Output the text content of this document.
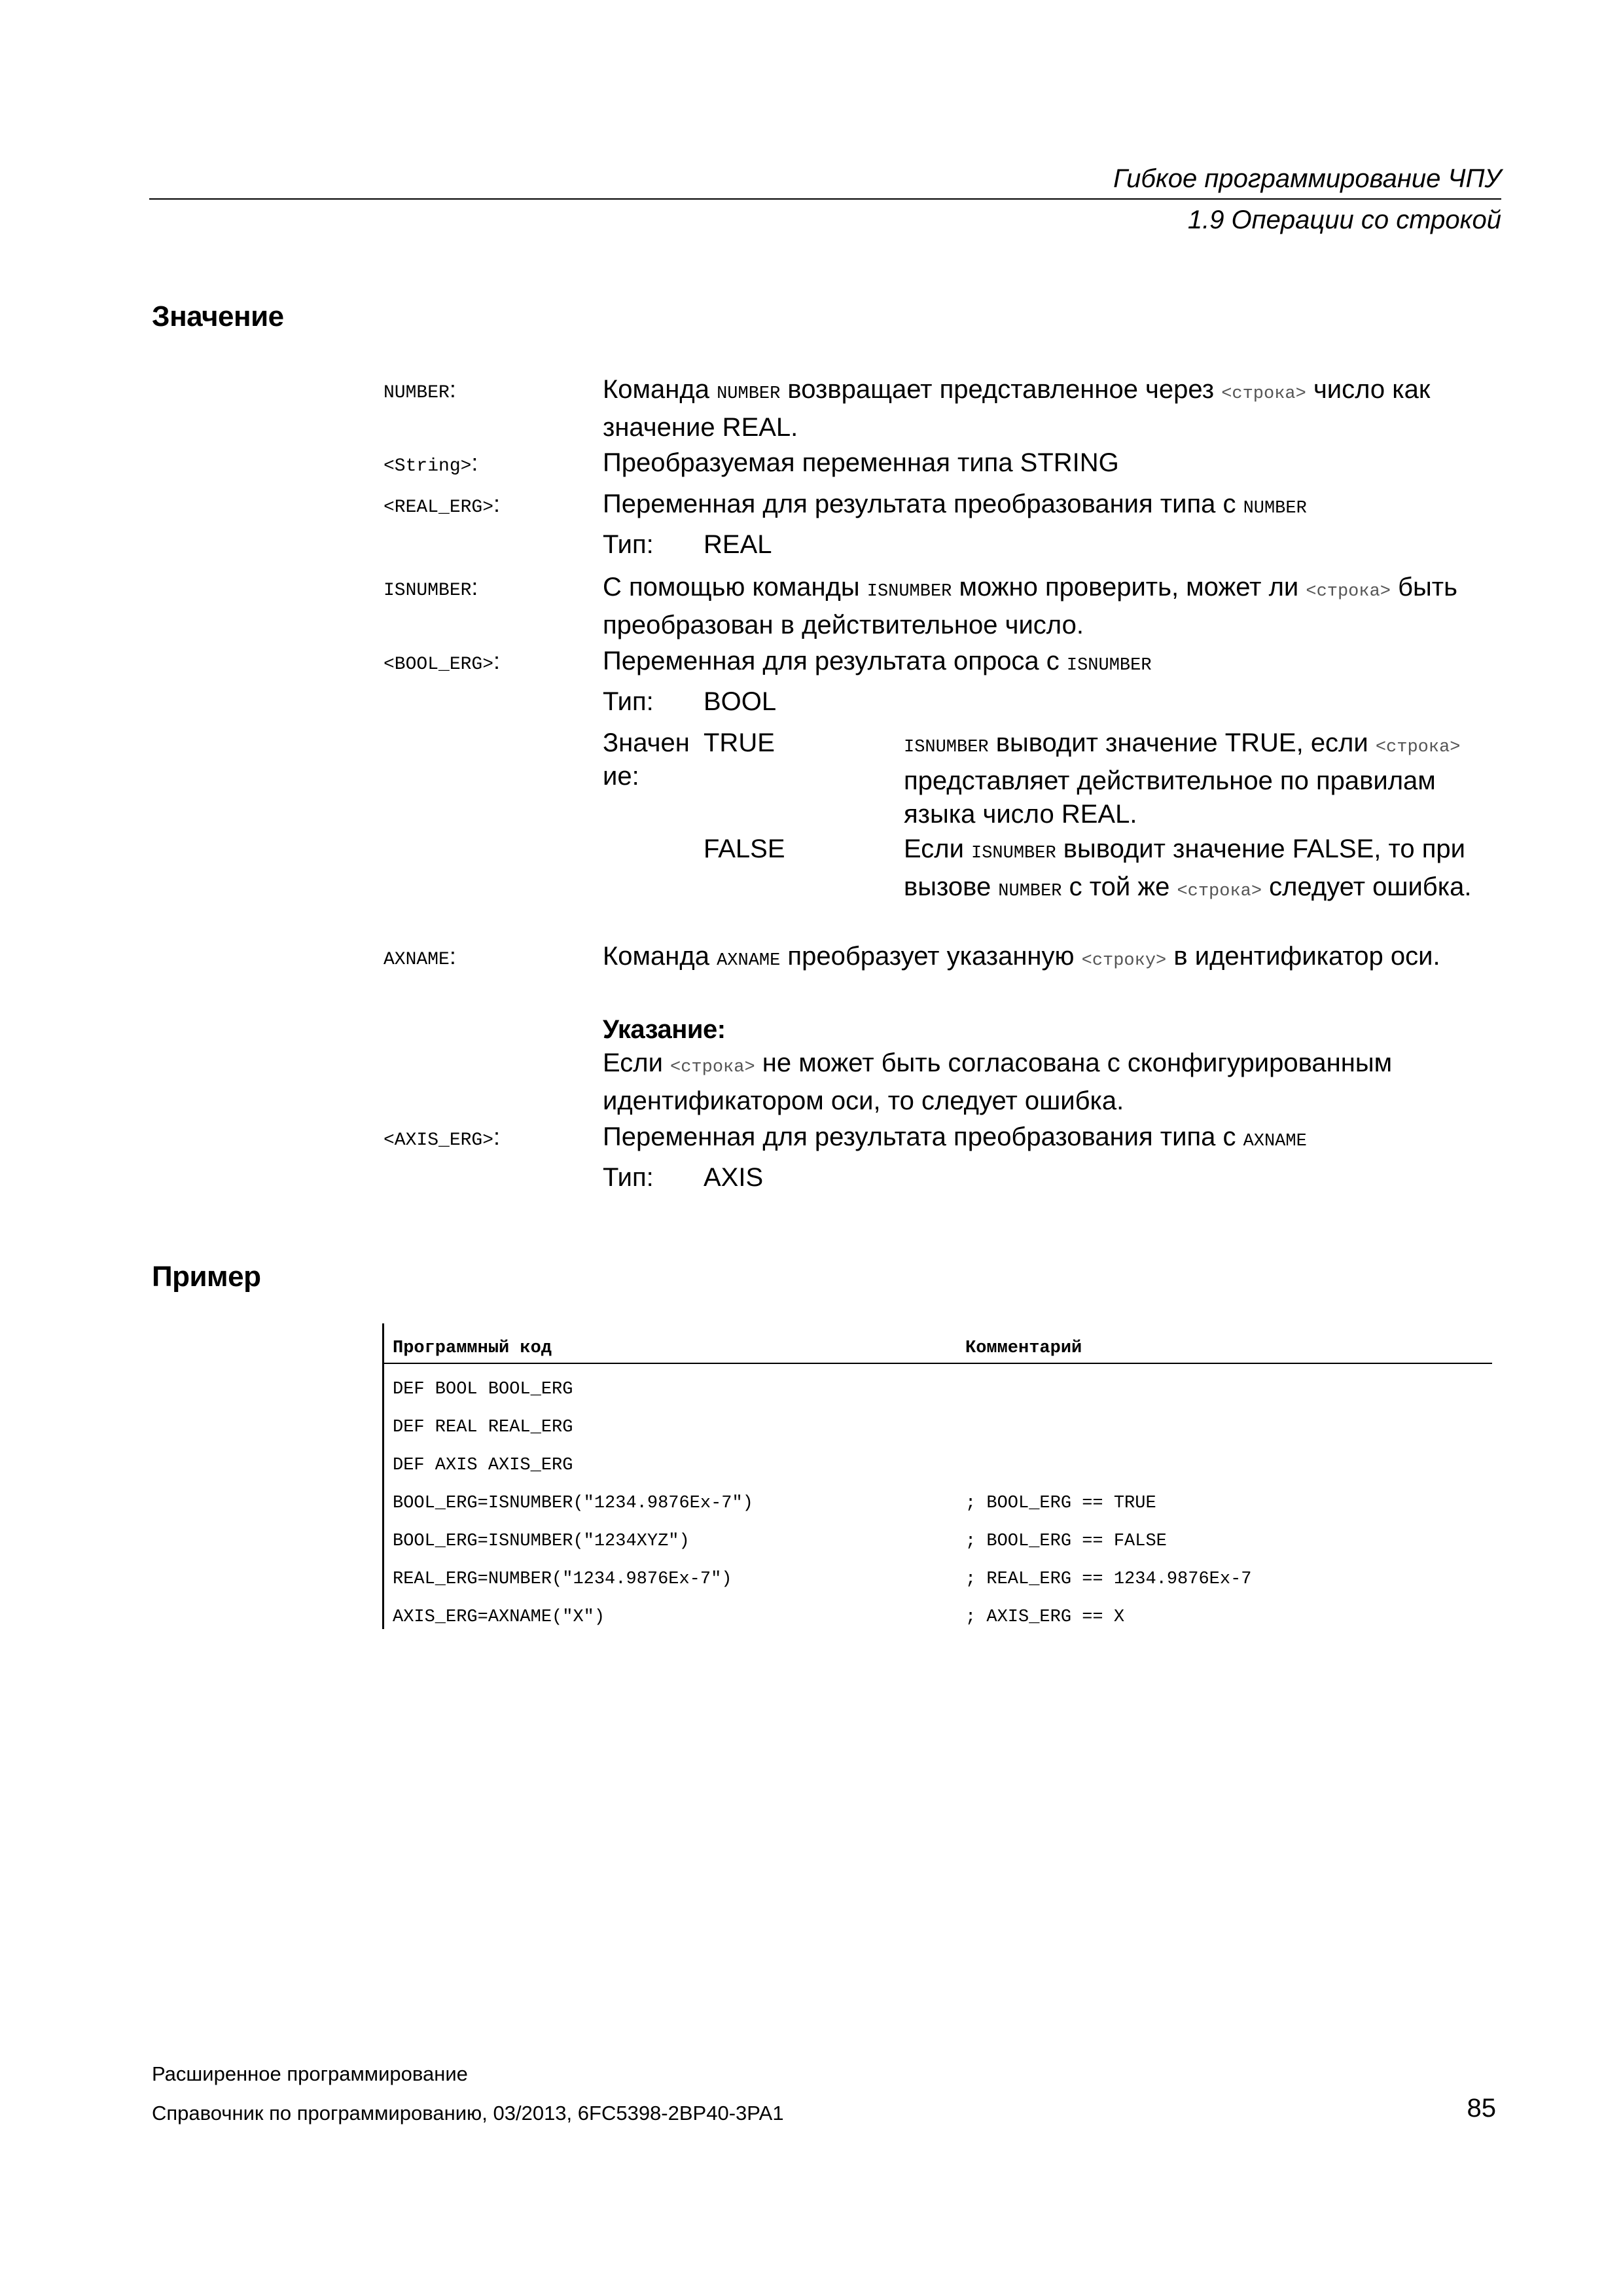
Гибкое программирование ЧПУ
1.9 Операции со строкой
Значение
NUMBER:	Команда NUMBER возвращает представленное через <строка> число как значение REAL.
<String>:	Преобразуемая переменная типа STRING
<REAL_ERG>:	Переменная для результата преобразования типа с NUMBER
Тип: REAL
ISNUMBER:	С помощью команды ISNUMBER можно проверить, может ли <строка> быть преобразован в действительное число.
<BOOL_ERG>:	Переменная для результата опроса с ISNUMBER
Тип: BOOL
Значен ие:
TRUE	ISNUMBER выводит значение TRUE, если <строка> представляет действительное по правилам языка число REAL.
FALSE	Если ISNUMBER выводит значение FALSE, то при вызове NUMBER с той же <строка> следует ошибка.
AXNAME:	Команда AXNAME преобразует указанную <строку> в идентификатор оси.
Указание:
Если <строка> не может быть согласована с сконфигурированным идентификатором оси, то следует ошибка.
<AXIS_ERG>:	Переменная для результата преобразования типа с AXNAME
Тип: AXIS
Пример
Программный код	Комментарий
DEF BOOL BOOL_ERG
DEF REAL REAL_ERG
DEF AXIS AXIS_ERG
BOOL_ERG=ISNUMBER("1234.9876Ex-7")	; BOOL_ERG == TRUE
BOOL_ERG=ISNUMBER("1234XYZ")	; BOOL_ERG == FALSE
REAL_ERG=NUMBER("1234.9876Ex-7")	; REAL_ERG == 1234.9876Ex-7
AXIS_ERG=AXNAME("X")	; AXIS_ERG == X
Расширенное программирование
Справочник по программированию, 03/2013, 6FC5398-2BP40-3PA1	85
